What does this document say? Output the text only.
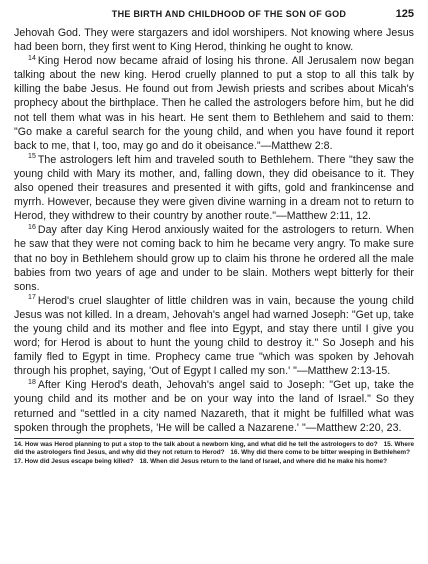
THE BIRTH AND CHILDHOOD OF THE SON OF GOD	125

Jehovah God. They were stargazers and idol worshipers. Not knowing where Jesus had been born, they first went to King Herod, thinking he ought to know.

$^{14}$ King Herod now became afraid of losing his throne. All Jerusalem now began talking about the new king. Herod cruelly planned to put a stop to all this talk by killing the babe Jesus. He found out from Jewish priests and scribes about Micah's prophecy about the birthplace. Then he called the astrologers before him, but he did not tell them what was in his heart. He sent them to Bethlehem and said to them: "Go make a careful search for the young child, and when you have found it report back to me, that I, too, may go and do it obeisance."—Matthew 2:8.

$^{15}$ The astrologers left him and traveled south to Bethlehem. There "they saw the young child with Mary its mother, and, falling down, they did obeisance to it. They also opened their treasures and presented it with gifts, gold and frankincense and myrrh. However, because they were given divine warning in a dream not to return to Herod, they withdrew to their country by another route."—Matthew 2:11, 12.

$^{16}$ Day after day King Herod anxiously waited for the astrologers to return. When he saw that they were not coming back to him he became very angry. To make sure that no boy in Bethlehem should grow up to claim his throne he ordered all the male babies from two years of age and under to be slain. Mothers wept bitterly for their sons.

$^{17}$ Herod's cruel slaughter of little children was in vain, because the young child Jesus was not killed. In a dream, Jehovah's angel had warned Joseph: "Get up, take the young child and its mother and flee into Egypt, and stay there until I give you word; for Herod is about to hunt the young child to destroy it." So Joseph and his family fled to Egypt in time. Prophecy came true "which was spoken by Jehovah through his prophet, saying, 'Out of Egypt I called my son.' "—Matthew 2:13-15.

$^{18}$ After King Herod's death, Jehovah's angel said to Joseph: "Get up, take the young child and its mother and be on your way into the land of Israel." So they returned and "settled in a city named Nazareth, that it might be fulfilled what was spoken through the prophets, 'He will be called a Nazarene.' "—Matthew 2:20, 23.

14. How was Herod planning to put a stop to the talk about a newborn king, and what did he tell the astrologers to do? 15. Where did the astrologers find Jesus, and why did they not return to Herod? 16. Why did there come to be bitter weeping in Bethlehem? 17. How did Jesus escape being killed? 18. When did Jesus return to the land of Israel, and where did he make his home?
